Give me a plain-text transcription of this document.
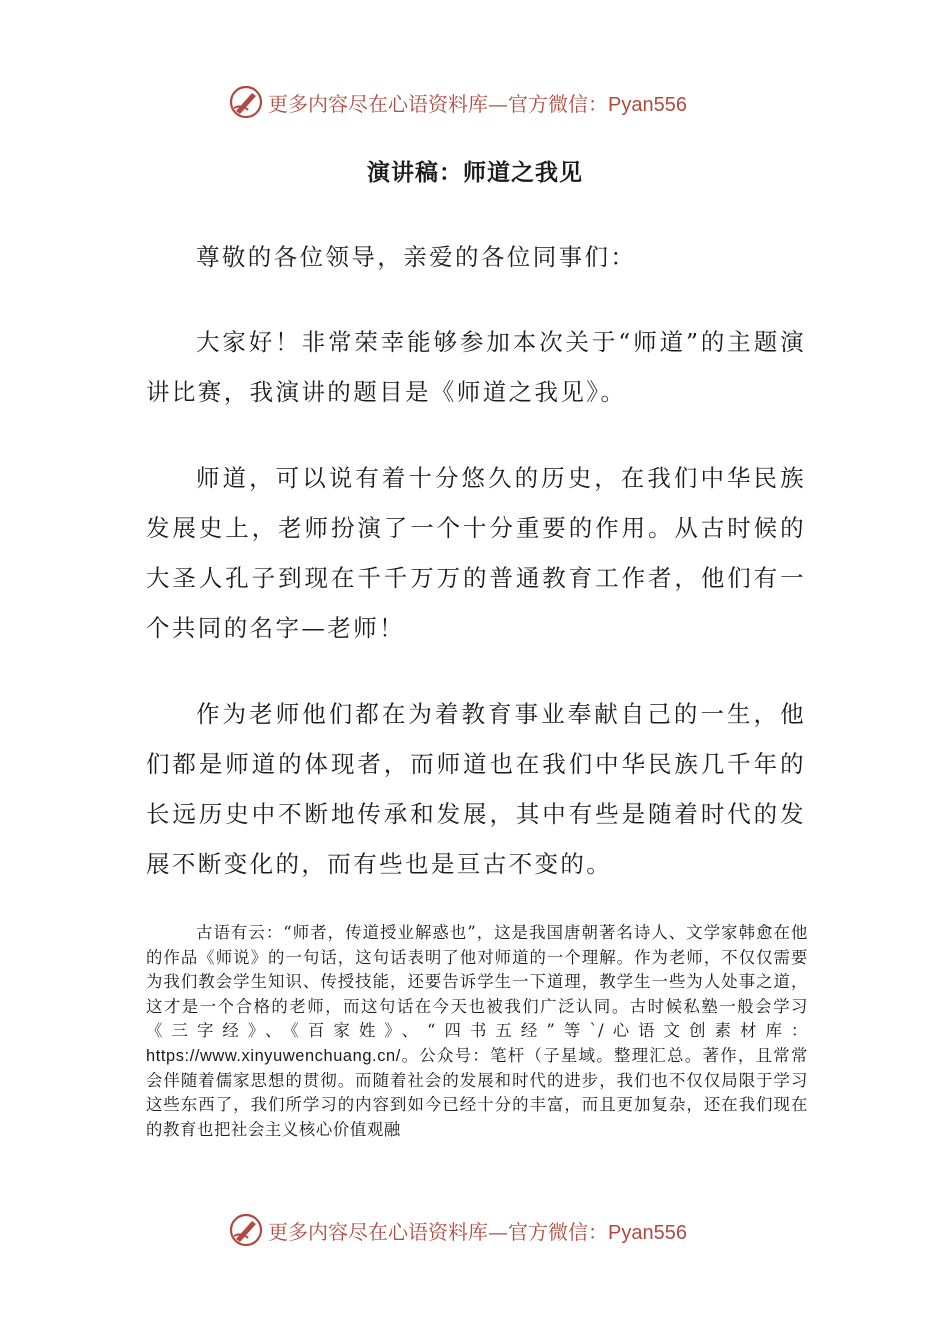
更多内容尽在心语资料库—官方微信：Pyan556
演讲稿：师道之我见

尊敬的各位领导，亲爱的各位同事们：

大家好！非常荣幸能够参加本次关于“师道”的主题演讲比赛，我演讲的题目是《师道之我见》。

师道，可以说有着十分悠久的历史，在我们中华民族发展史上，老师扮演了一个十分重要的作用。从古时候的大圣人孔子到现在千千万万的普通教育工作者，他们有一个共同的名字—老师！

作为老师他们都在为着教育事业奉献自己的一生，他们都是师道的体现者，而师道也在我们中华民族几千年的长远历史中不断地传承和发展，其中有些是随着时代的发展不断变化的，而有些也是亘古不变的。

古语有云：“师者，传道授业解惑也”，这是我国唐朝著名诗人、文学家韩愈在他的作品《师说》的一句话，这句话表明了他对师道的一个理解。作为老师，不仅仅需要为我们教会学生知识、传授技能，还要告诉学生一下道理，教学生一些为人处事之道，这才是一个合格的老师，而这句话在今天也被我们广泛认同。古时候私塾一般会学习《三字经》、《百家姓》、“四书五经”等`/心语文创素材库：https://www.xinyuwenchuang.cn/。公众号：笔杆（子星域。整理汇总。著作，且常常会伴随着儒家思想的贯彻。而随着社会的发展和时代的进步，我们也不仅仅局限于学习这些东西了，我们所学习的内容到如今已经十分的丰富，而且更加复杂，还在我们现在的教育也把社会主义核心价值观融

更多内容尽在心语资料库—官方微信：Pyan556
